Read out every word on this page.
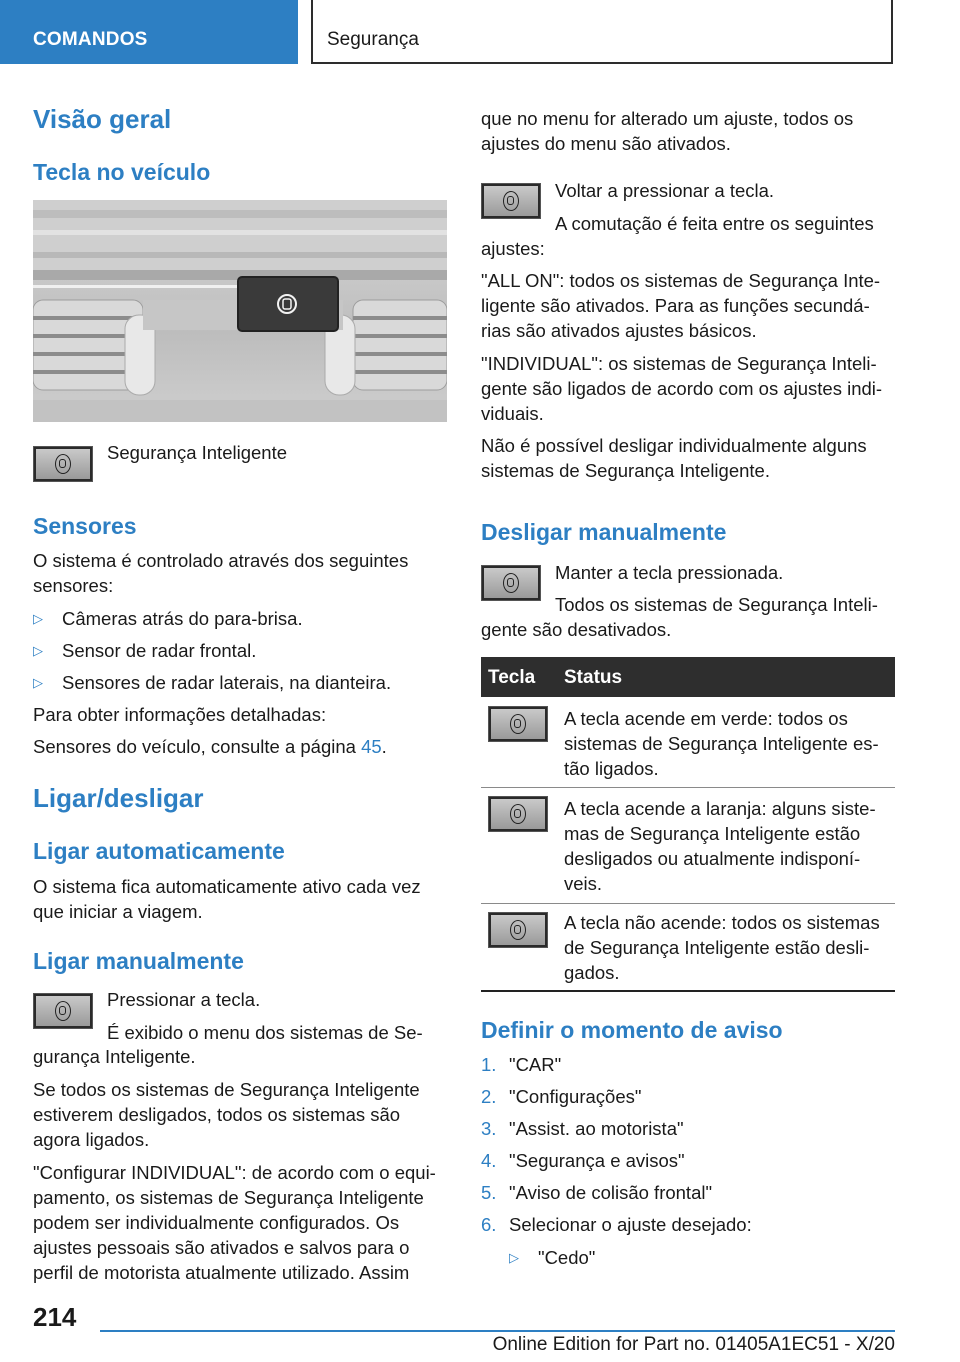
COMANDOS	Segurança
Visão geral
Tecla no veículo
Segurança Inteligente
Sensores
O sistema é controlado através dos seguintes
sensores:
▷ Câmeras atrás do para-brisa.
▷ Sensor de radar frontal.
▷ Sensores de radar laterais, na dianteira.
Para obter informações detalhadas:
Sensores do veículo, consulte a página 45.
Ligar/desligar
Ligar automaticamente
O sistema fica automaticamente ativo cada vez
que iniciar a viagem.
Ligar manualmente
Pressionar a tecla.
É exibido o menu dos sistemas de Se-
gurança Inteligente.
Se todos os sistemas de Segurança Inteligente
estiverem desligados, todos os sistemas são
agora ligados.
"Configurar INDIVIDUAL": de acordo com o equi-
pamento, os sistemas de Segurança Inteligente
podem ser individualmente configurados. Os
ajustes pessoais são ativados e salvos para o
perfil de motorista atualmente utilizado. Assim
que no menu for alterado um ajuste, todos os
ajustes do menu são ativados.
Voltar a pressionar a tecla.
A comutação é feita entre os seguintes
ajustes:
"ALL ON": todos os sistemas de Segurança Inte-
ligente são ativados. Para as funções secundá-
rias são ativados ajustes básicos.
"INDIVIDUAL": os sistemas de Segurança Inteli-
gente são ligados de acordo com os ajustes indi-
viduais.
Não é possível desligar individualmente alguns
sistemas de Segurança Inteligente.
Desligar manualmente
Manter a tecla pressionada.
Todos os sistemas de Segurança Inteli-
gente são desativados.
Tecla Status
A tecla acende em verde: todos os
sistemas de Segurança Inteligente es-
tão ligados.
A tecla acende a laranja: alguns siste-
mas de Segurança Inteligente estão
desligados ou atualmente indisponí-
veis.
A tecla não acende: todos os sistemas
de Segurança Inteligente estão desli-
gados.
Definir o momento de aviso
1. "CAR"
2. "Configurações"
3. "Assist. ao motorista"
4. "Segurança e avisos"
5. "Aviso de colisão frontal"
6. Selecionar o ajuste desejado:
▷ "Cedo"
214
Online Edition for Part no. 01405A1EC51 - X/20
